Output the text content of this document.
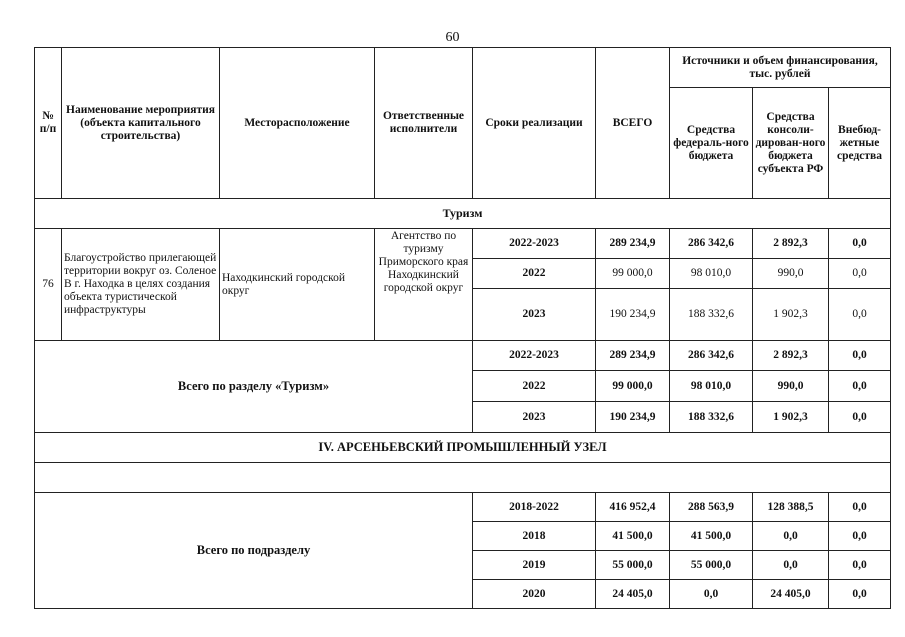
60
№ п/п	Наименование мероприятия (объекта капитального строительства)	Месторасположение	Ответственные исполнители	Сроки реализации	ВСЕГО	Источники и объем финансирования, тыс. рублей		
						Средства федераль-ного бюджета	Средства консоли-дирован-ного бюджета субъекта РФ	Внебюд-жетные средства
Туризм								
76	Благоустройство прилегающей территории вокруг оз. Соленое В г. Находка в целях создания объекта туристической инфраструктуры	Находкинский городской округ	Агентство по туризму Приморского края Находкинский городской округ	2022-2023	289 234,9	286 342,6	2 892,3	0,0
				2022	99 000,0	98 010,0	990,0	0,0
				2023	190 234,9	188 332,6	1 902,3	0,0
Всего по разделу «Туризм»				2022-2023	289 234,9	286 342,6	2 892,3	0,0
				2022	99 000,0	98 010,0	990,0	0,0
				2023	190 234,9	188 332,6	1 902,3	0,0
IV. АРСЕНЬЕВСКИЙ ПРОМЫШЛЕННЫЙ УЗЕЛ								

Всего по подразделу				2018-2022	416 952,4	288 563,9	128 388,5	0,0
				2018	41 500,0	41 500,0	0,0	0,0
				2019	55 000,0	55 000,0	0,0	0,0
				2020	24 405,0	0,0	24 405,0	0,0
